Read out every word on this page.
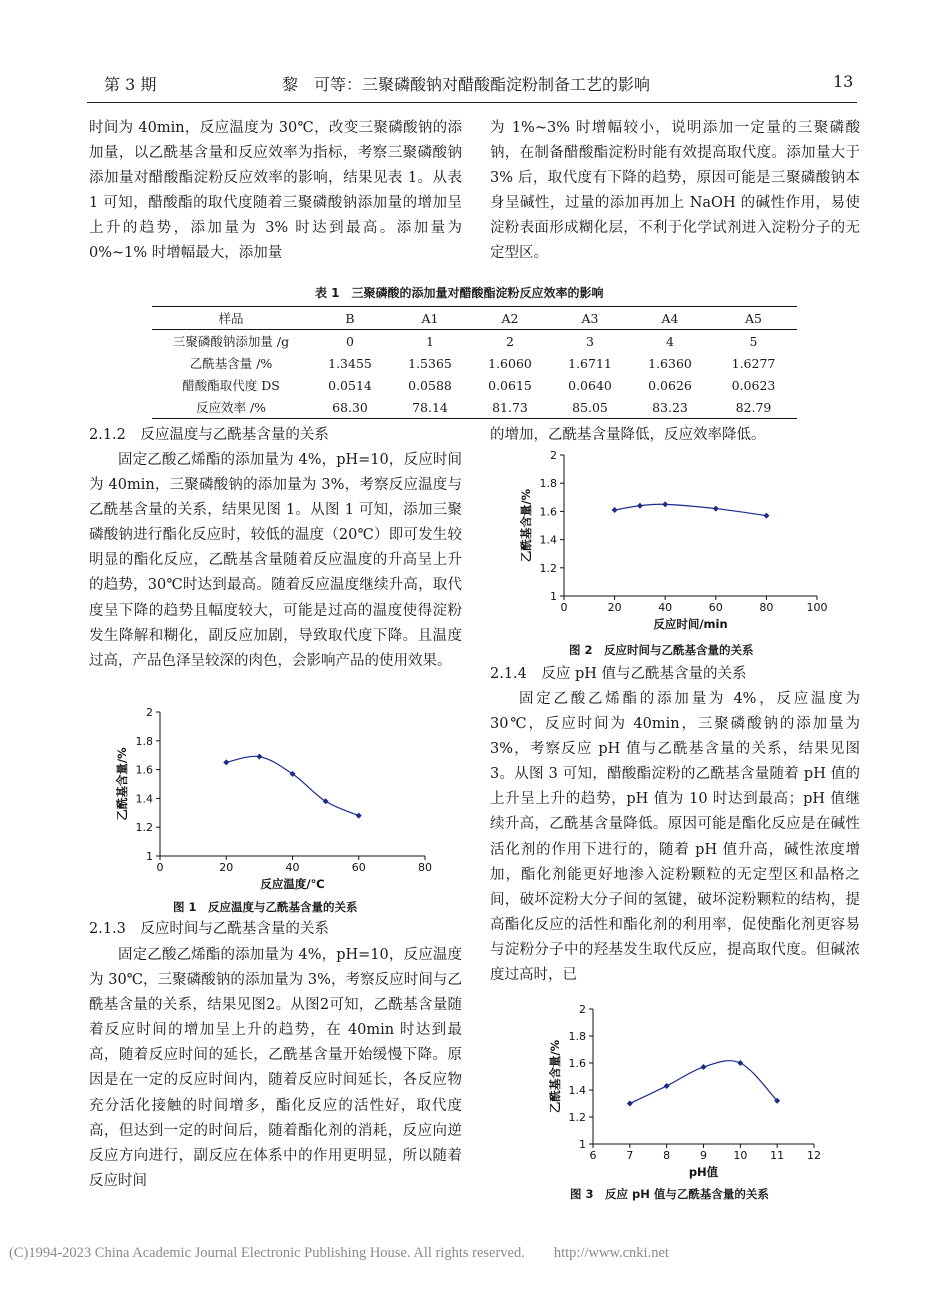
第 3 期	黎　可等：三聚磷酸钠对醋酸酯淀粉制备工艺的影响	13

时间为 40min，反应温度为 30℃，改变三聚磷酸钠的添加量，以乙酰基含量和反应效率为指标，考察三聚磷酸钠添加量对醋酸酯淀粉反应效率的影响，结果见表 1。从表 1 可知，醋酸酯的取代度随着三聚磷酸钠添加量的增加呈上升的趋势，添加量为 3% 时达到最高。添加量为 0%~1% 时增幅最大，添加量

为 1%~3% 时增幅较小，说明添加一定量的三聚磷酸钠，在制备醋酸酯淀粉时能有效提高取代度。添加量大于 3% 后，取代度有下降的趋势，原因可能是三聚磷酸钠本身呈碱性，过量的添加再加上 NaOH 的碱性作用，易使淀粉表面形成糊化层，不利于化学试剂进入淀粉分子的无定型区。

表 1　三聚磷酸的添加量对醋酸酯淀粉反应效率的影响
样品	B	A1	A2	A3	A4	A5
三聚磷酸钠添加量 /g	0	1	2	3	4	5
乙酰基含量 /%	1.3455	1.5365	1.6060	1.6711	1.6360	1.6277
醋酸酯取代度 DS	0.0514	0.0588	0.0615	0.0640	0.0626	0.0623
反应效率 /%	68.30	78.14	81.73	85.05	83.23	82.79
2.1.2　反应温度与乙酰基含量的关系

固定乙酸乙烯酯的添加量为 4%，pH=10，反应时间为 40min，三聚磷酸钠的添加量为 3%，考察反应温度与乙酰基含量的关系，结果见图 1。从图 1 可知，添加三聚磷酸钠进行酯化反应时，较低的温度（20℃）即可发生较明显的酯化反应，乙酰基含量随着反应温度的升高呈上升的趋势，30℃时达到最高。随着反应温度继续升高，取代度呈下降的趋势且幅度较大，可能是过高的温度使得淀粉发生降解和糊化，副反应加剧，导致取代度下降。且温度过高，产品色泽呈较深的肉色，会影响产品的使用效果。

1
1.2
1.4
1.6
1.8
2
0	20	40	60	80
反应温度/℃
乙酰基含量/%
图 1　反应温度与乙酰基含量的关系
2.1.3　反应时间与乙酰基含量的关系

固定乙酸乙烯酯的添加量为 4%，pH=10，反应温度为 30℃，三聚磷酸钠的添加量为 3%，考察反应时间与乙酰基含量的关系，结果见图2。从图2可知，乙酰基含量随着反应时间的增加呈上升的趋势，在 40min 时达到最高，随着反应时间的延长，乙酰基含量开始缓慢下降。原因是在一定的反应时间内，随着反应时间延长，各反应物充分活化接触的时间增多，酯化反应的活性好，取代度高，但达到一定的时间后，随着酯化剂的消耗，反应向逆反应方向进行，副反应在体系中的作用更明显，所以随着反应时间

的增加，乙酰基含量降低，反应效率降低。

1
1.2
1.4
1.6
1.8
2
0	20	40	60	80	100
反应时间/min
乙酰基含量/%
图 2　反应时间与乙酰基含量的关系
2.1.4　反应 pH 值与乙酰基含量的关系

固定乙酸乙烯酯的添加量为 4%，反应温度为 30℃，反应时间为 40min，三聚磷酸钠的添加量为 3%，考察反应 pH 值与乙酰基含量的关系，结果见图 3。从图 3 可知，醋酸酯淀粉的乙酰基含量随着 pH 值的上升呈上升的趋势，pH 值为 10 时达到最高；pH 值继续升高，乙酰基含量降低。原因可能是酯化反应是在碱性活化剂的作用下进行的，随着 pH 值升高，碱性浓度增加，酯化剂能更好地渗入淀粉颗粒的无定型区和晶格之间，破坏淀粉大分子间的氢键，破坏淀粉颗粒的结构，提高酯化反应的活性和酯化剂的利用率，促使酯化剂更容易与淀粉分子中的羟基发生取代反应，提高取代度。但碱浓度过高时，已

1
1.2
1.4
1.6
1.8
2
6	7	8	9 10 11 12
pH值
乙酰基含量/%
图 3　反应 pH 值与乙酰基含量的关系
(C)1994-2023 China Academic Journal Electronic Publishing House. All rights reserved.　　http://www.cnki.net
